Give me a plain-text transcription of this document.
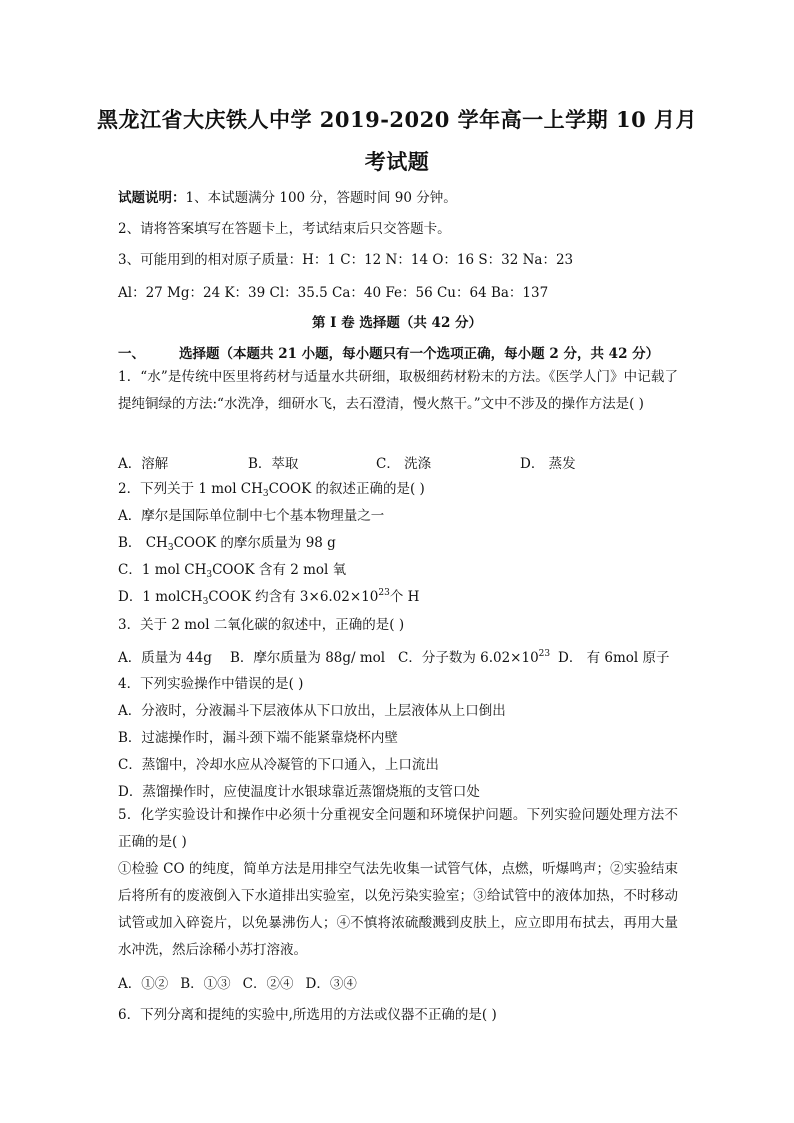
黑龙江省大庆铁人中学 2019-2020 学年高一上学期 10 月月
考试题
试题说明：1、本试题满分 100 分，答题时间 90 分钟。
2、请将答案填写在答题卡上，考试结束后只交答题卡。
3、可能用到的相对原子质量：H：1 C：12 N：14 O：16 S：32 Na：23
Al：27 Mg：24 K：39 Cl：35.5 Ca：40 Fe：56 Cu：64 Ba：137
第 I 卷 选择题（共 42 分）
一、	选择题（本题共 21 小题，每小题只有一个选项正确，每小题 2 分，共 42 分）
1．“水”是传统中医里将药材与适量水共研细，取极细药材粉末的方法。《医学人门》中记载了提纯铜绿的方法:“水洗净，细研水飞，去石澄清，慢火熬干。”文中不涉及的操作方法是( )
A．溶解	B．萃取	C． 洗涤	D． 蒸发
2．下列关于 1 mol $CH_3COOK$ 的叙述正确的是( )
A．摩尔是国际单位制中七个基本物理量之一
B． $CH_3COOK$ 的摩尔质量为 98 g
C．1 mol $CH_3COOK$ 含有 2 mol 氧
D．1 molCH$_3$COOK 约含有 $3\times 6.02\times 10^{23}$个 H
3．关于 2 mol 二氧化碳的叙述中，正确的是( )
A．质量为 44g B．摩尔质量为 88g/ mol C．分子数为 $6.02\times 10^{23}$ D． 有 6mol 原子
4．下列实验操作中错误的是( )
A．分液时，分液漏斗下层液体从下口放出，上层液体从上口倒出
B．过滤操作时，漏斗颈下端不能紧靠烧杯内壁
C．蒸馏中，冷却水应从冷凝管的下口通入，上口流出
D．蒸馏操作时，应使温度计水银球靠近蒸馏烧瓶的支管口处
5．化学实验设计和操作中必须十分重视安全问题和环境保护问题。下列实验问题处理方法不正确的是( )
①检验 CO 的纯度，简单方法是用排空气法先收集一试管气体，点燃，听爆鸣声；②实验结束后将所有的废液倒入下水道排出实验室，以免污染实验室；③给试管中的液体加热，不时移动试管或加入碎瓷片，以免暴沸伤人；④不慎将浓硫酸溅到皮肤上，应立即用布拭去，再用大量水冲洗，然后涂稀小苏打溶液。
A．①② B．①③ C．②④ D．③④
6．下列分离和提纯的实验中,所选用的方法或仪器不正确的是( )
